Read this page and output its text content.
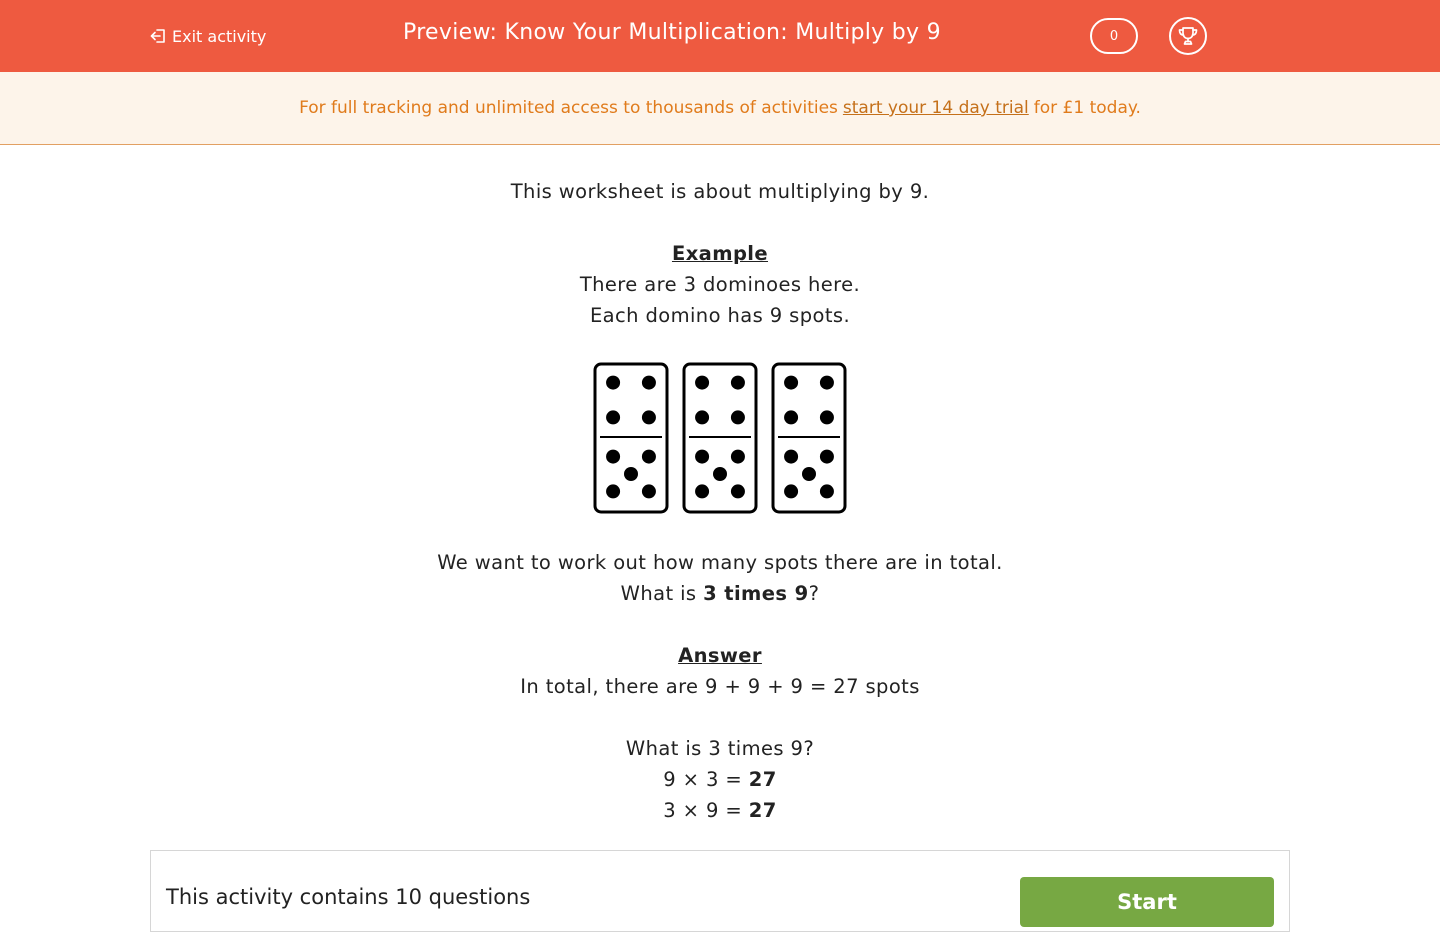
Exit activity	Preview: Know Your Multiplication: Multiply by 9	0
For full tracking and unlimited access to thousands of activities start your 14 day trial for £1 today.
This worksheet is about multiplying by 9.
Example
There are 3 dominoes here.
Each domino has 9 spots.
We want to work out how many spots there are in total.
What is 3 times 9?
Answer
In total, there are 9 + 9 + 9 = 27 spots
What is 3 times 9?
9 × 3 = 27
3 × 9 = 27
This activity contains 10 questions	Start
